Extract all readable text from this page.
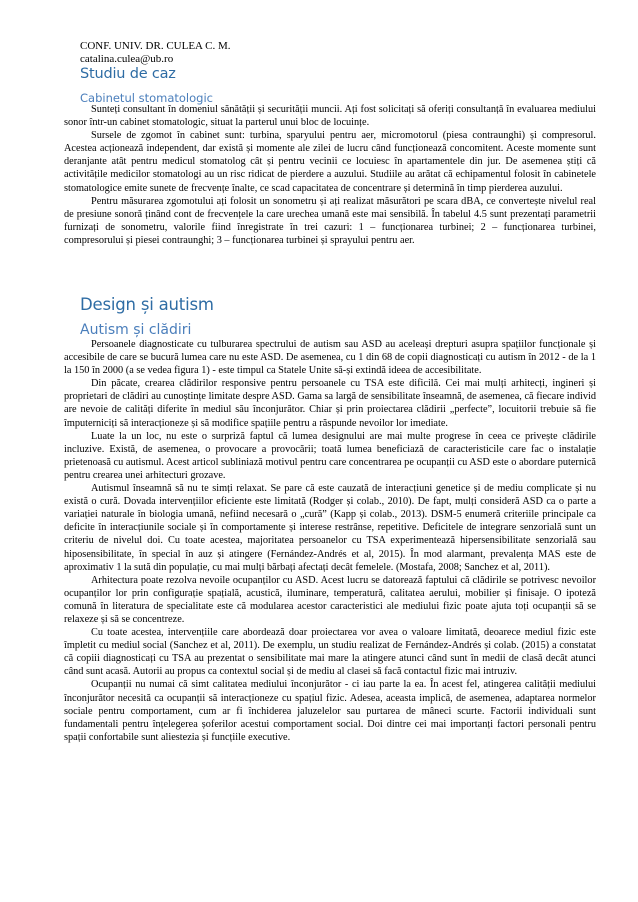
CONF. UNIV. DR. CULEA C. M.
catalina.culea@ub.ro
Studiu de caz
Cabinetul stomatologic

Sunteți consultant în domeniul sănătății și securității muncii. Ați fost solicitați să oferiți consultanță în evaluarea mediului sonor într-un cabinet stomatologic, situat la parterul unui bloc de locuințe.

Sursele de zgomot în cabinet sunt: turbina, sparyului pentru aer, micromotorul (piesa contraunghi) și compresorul. Acestea acționează independent, dar există și momente ale zilei de lucru când funcționează concomitent. Aceste momente sunt deranjante atât pentru medicul stomatolog cât și pentru vecinii ce locuiesc în apartamentele din jur. De asemenea știți că activitățile medicilor stomatologi au un risc ridicat de pierdere a auzului. Studiile au arătat că echipamentul folosit în cabinetele stomatologice emite sunete de frecvențe înalte, ce scad capacitatea de concentrare și determină în timp pierderea auzului.

Pentru măsurarea zgomotului ați folosit un sonometru și ați realizat măsurători pe scara dBA, ce convertește nivelul real de presiune sonoră ținând cont de frecvențele la care urechea umană este mai sensibilă. În tabelul 4.5 sunt prezentați parametrii furnizați de sonometru, valorile fiind înregistrate în trei cazuri: 1 – funcționarea turbinei; 2 – funcționarea turbinei, compresorului și piesei contraunghi; 3 – funcționarea turbinei și sprayului pentru aer.

Design și autism
Autism și clădiri

Persoanele diagnosticate cu tulburarea spectrului de autism sau ASD au aceleași drepturi asupra spațiilor funcționale și accesibile de care se bucură lumea care nu este ASD. De asemenea, cu 1 din 68 de copii diagnosticați cu autism în 2012 - de la 1 la 150 în 2000 (a se vedea figura 1) - este timpul ca Statele Unite să-și extindă ideea de accesibilitate.

Din păcate, crearea clădirilor responsive pentru persoanele cu TSA este dificilă. Cei mai mulți arhitecți, ingineri și proprietari de clădiri au cunoștințe limitate despre ASD. Gama sa largă de sensibilitate înseamnă, de asemenea, că fiecare individ are nevoie de calități diferite în mediul său înconjurător. Chiar și prin proiectarea clădirii „perfecte”, locuitorii trebuie să fie împuterniciți să interacționeze și să modifice spațiile pentru a răspunde nevoilor lor imediate.

Luate la un loc, nu este o surpriză faptul că lumea designului are mai multe progrese în ceea ce privește clădirile incluzive. Există, de asemenea, o provocare a provocării; toată lumea beneficiază de caracteristicile care fac o instalație prietenoasă cu autismul. Acest articol subliniază motivul pentru care concentrarea pe ocupanții cu ASD este o abordare puternică pentru crearea unei arhitecturi grozave.

Autismul înseamnă să nu te simți relaxat. Se pare că este cauzată de interacțiuni genetice și de mediu complicate și nu există o cură. Dovada intervențiilor eficiente este limitată (Rodger și colab., 2010). De fapt, mulți consideră ASD ca o parte a variației naturale în biologia umană, nefiind necesară o „cură” (Kapp și colab., 2013). DSM-5 enumeră criteriile principale ca deficite în interacțiunile sociale și în comportamente și interese restrânse, repetitive. Deficitele de integrare senzorială sunt un criteriu de nivelul doi. Cu toate acestea, majoritatea persoanelor cu TSA experimentează hipersensibilitate senzorială sau hiposensibilitate, în special în auz și atingere (Fernández-Andrés et al, 2015). În mod alarmant, prevalența MAS este de aproximativ 1 la sută din populație, cu mai mulți bărbați afectați decât femelele. (Mostafa, 2008; Sanchez et al, 2011).

Arhitectura poate rezolva nevoile ocupanților cu ASD. Acest lucru se datorează faptului că clădirile se potrivesc nevoilor ocupanților lor prin configurație spațială, acustică, iluminare, temperatură, calitatea aerului, mobilier și finisaje. O ipoteză comună în literatura de specialitate este că modularea acestor caracteristici ale mediului fizic poate ajuta toți ocupanții să se relaxeze și să se concentreze.

Cu toate acestea, intervențiile care abordează doar proiectarea vor avea o valoare limitată, deoarece mediul fizic este împletit cu mediul social (Sanchez et al, 2011). De exemplu, un studiu realizat de Fernández-Andrés și colab. (2015) a constatat că copiii diagnosticați cu TSA au prezentat o sensibilitate mai mare la atingere atunci când sunt în medii de clasă decât atunci când sunt acasă. Autorii au propus ca contextul social și de mediu al clasei să facă contactul fizic mai intruziv.

Ocupanții nu numai că simt calitatea mediului înconjurător - ci iau parte la ea. În acest fel, atingerea calității mediului înconjurător necesită ca ocupanții să interacționeze cu spațiul fizic. Adesea, aceasta implică, de asemenea, adaptarea normelor sociale pentru comportament, cum ar fi închiderea jaluzelelor sau purtarea de mâneci scurte. Factorii individuali sunt fundamentali pentru înțelegerea șoferilor acestui comportament social. Doi dintre cei mai importanți factori personali pentru spații confortabile sunt aliestezia și funcțiile executive.
